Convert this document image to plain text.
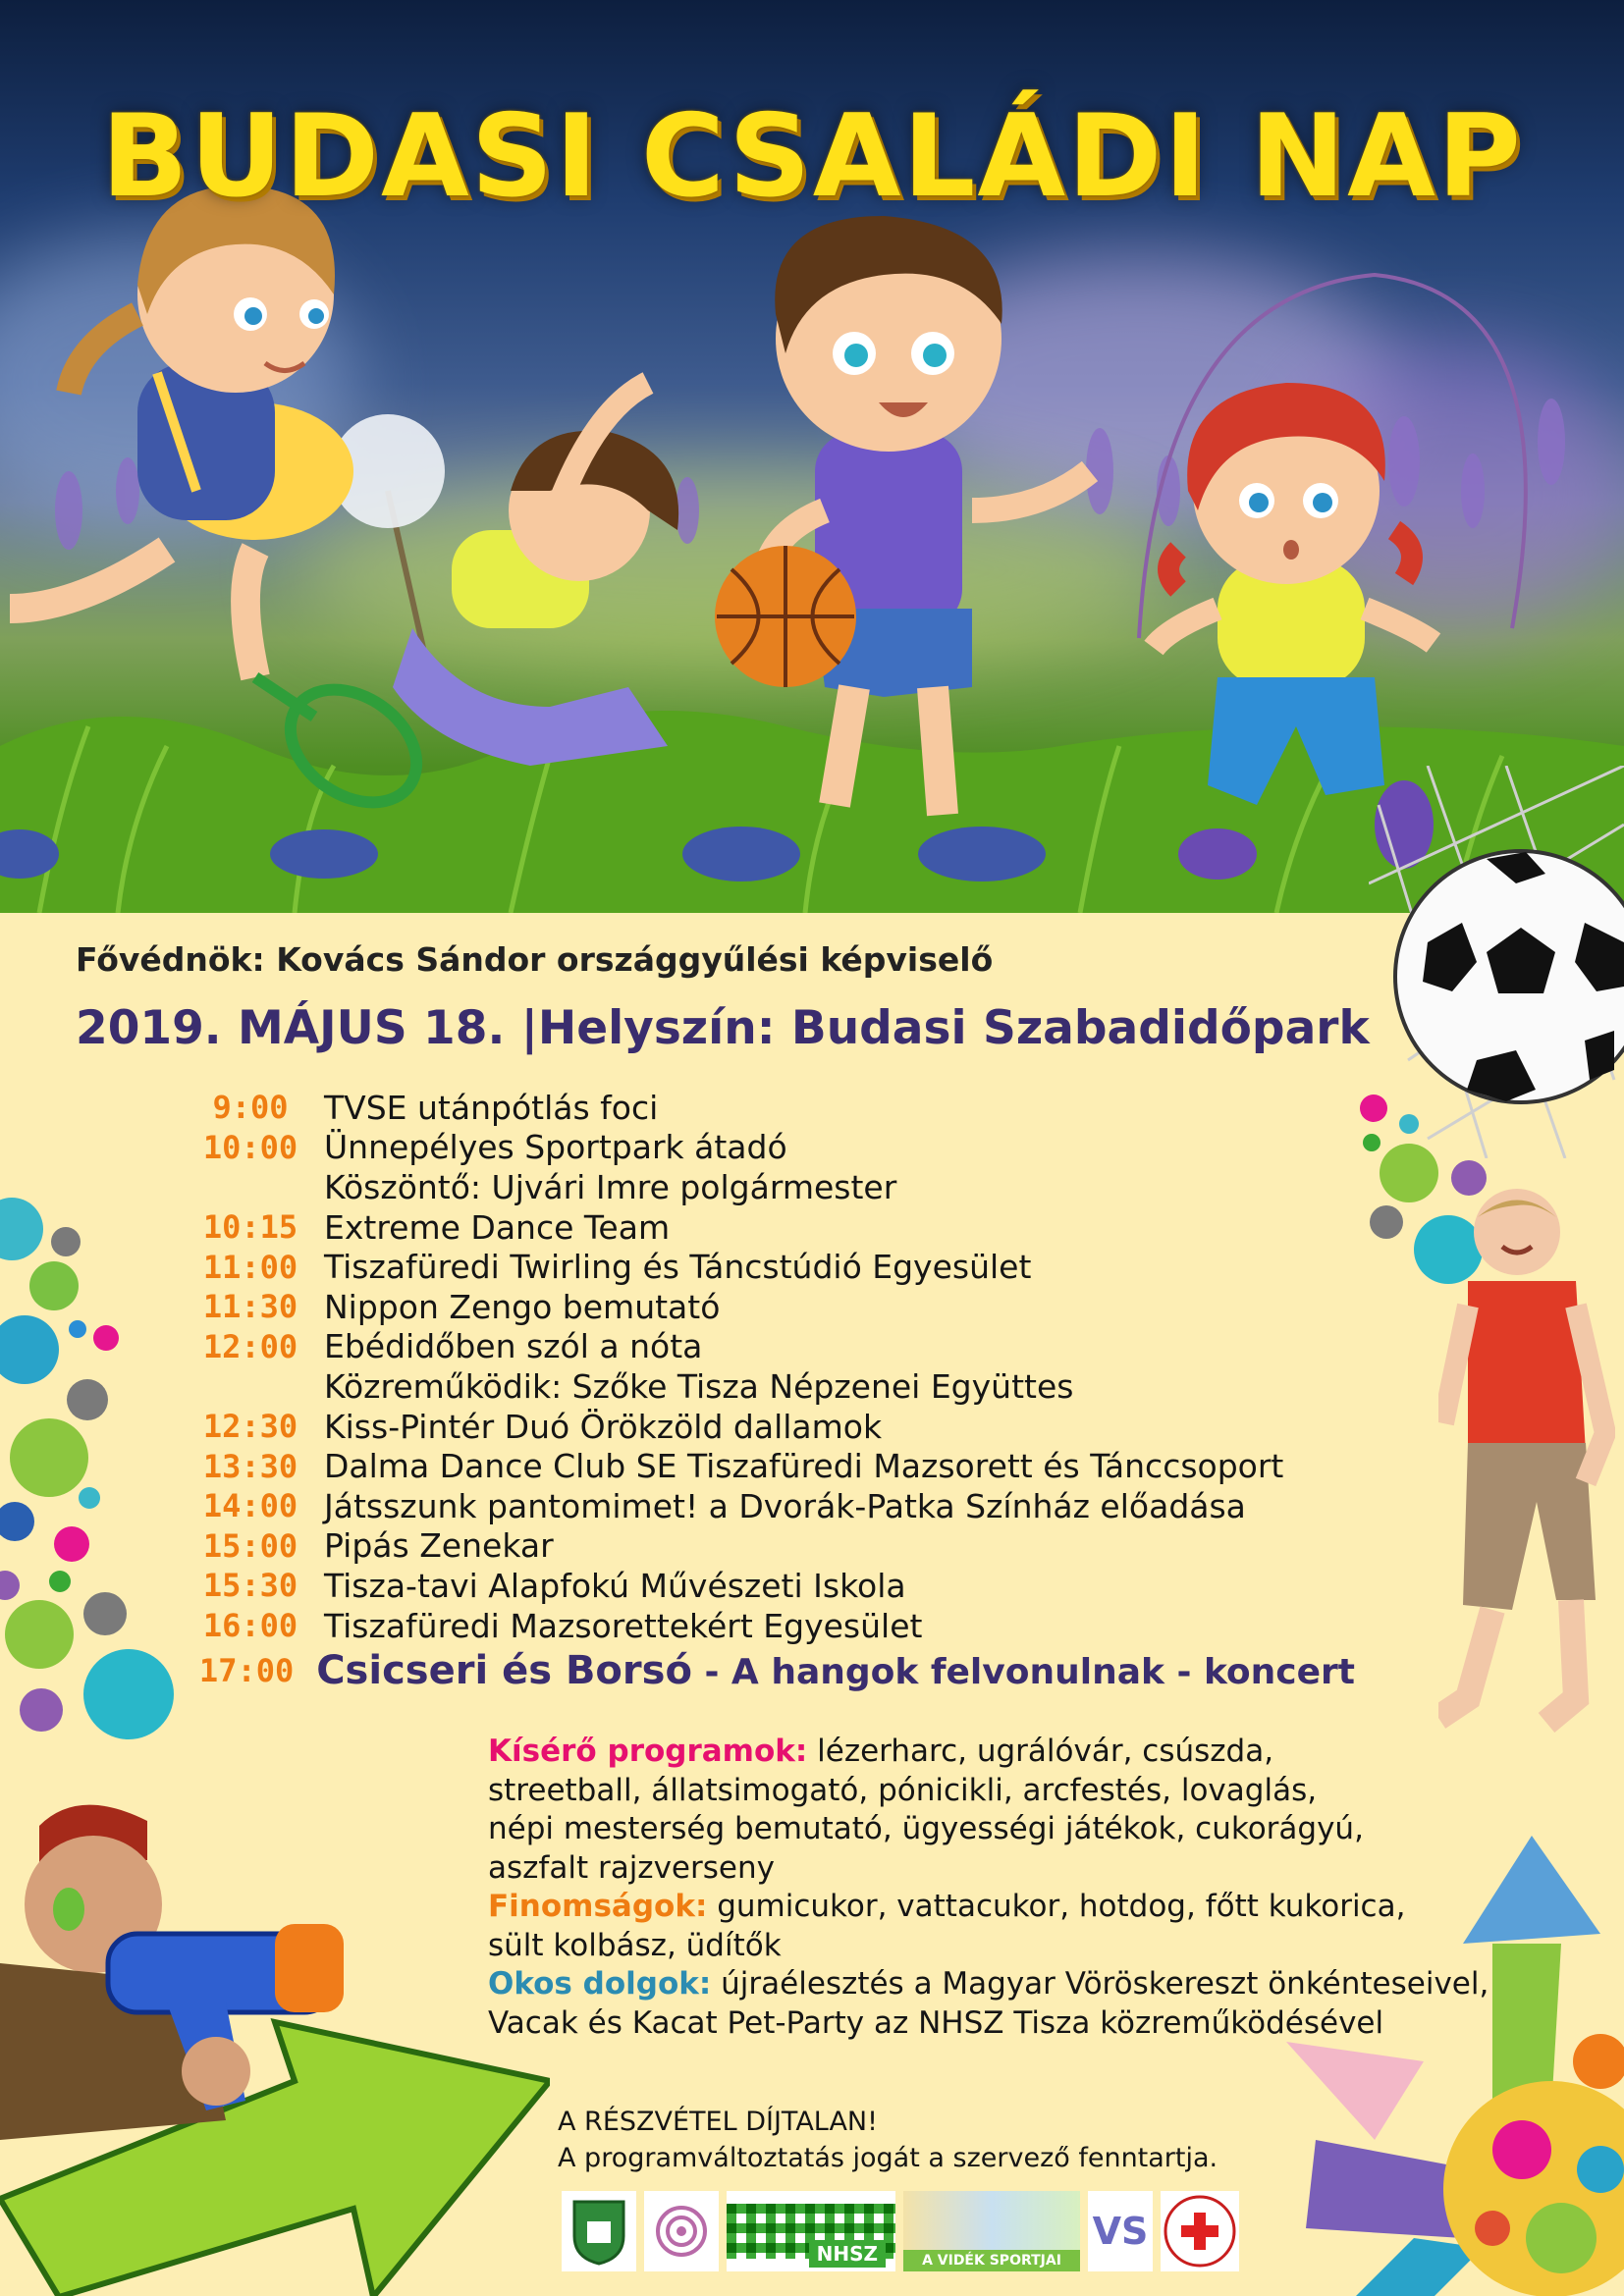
BUDASI CSALÁDI NAP
Fővédnök: Kovács Sándor országgyűlési képviselő
2019. MÁJUS 18. |Helyszín: Budasi Szabadidőpark
9:00	TVSE utánpótlás foci
10:00 Ünnepélyes Sportpark átadó
Köszöntő: Ujvári Imre polgármester
10:15 Extreme Dance Team
11:00 Tiszafüredi Twirling és Táncstúdió Egyesület
11:30 Nippon Zengo bemutató
12:00 Ebédidőben szól a nóta
Közreműködik: Szőke Tisza Népzenei Együttes
12:30 Kiss-Pintér Duó Örökzöld dallamok
13:30 Dalma Dance Club SE Tiszafüredi Mazsorett és Tánccsoport
14:00 Játsszunk pantomimet! a Dvorák-Patka Színház előadása
15:00 Pipás Zenekar
15:30 Tisza-tavi Alapfokú Művészeti Iskola
16:00 Tiszafüredi Mazsorettekért Egyesület
17:00 Csicseri és Borsó - A hangok felvonulnak - koncert
Kísérő programok: lézerharc, ugrálóvár, csúszda,
streetball, állatsimogató, pónicikli, arcfestés, lovaglás,
népi mesterség bemutató, ügyességi játékok, cukorágyú,
aszfalt rajzverseny
Finomságok: gumicukor, vattacukor, hotdog, főtt kukorica,
sült kolbász, üdítők
Okos dolgok: újraélesztés a Magyar Vöröskereszt önkénteseivel,
Vacak és Kacat Pet-Party az NHSZ Tisza közreműködésével
A RÉSZVÉTEL DÍJTALAN!
A programváltoztatás jogát a szervező fenntartja.
NHSZ	A VIDÉK SPORTJAI
VS
